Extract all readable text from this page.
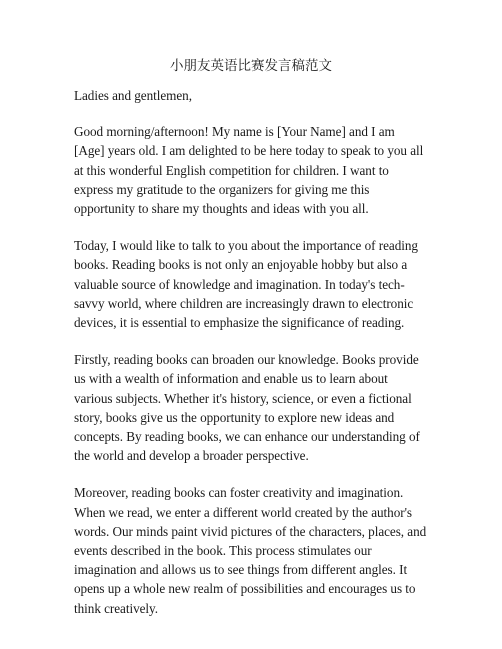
小朋友英语比赛发言稿范文

Ladies and gentlemen,

Good morning/afternoon! My name is [Your Name] and I am [Age] years old. I am delighted to be here today to speak to you all at this wonderful English competition for children. I want to express my gratitude to the organizers for giving me this opportunity to share my thoughts and ideas with you all.

Today, I would like to talk to you about the importance of reading books. Reading books is not only an enjoyable hobby but also a valuable source of knowledge and imagination. In today's tech-savvy world, where children are increasingly drawn to electronic devices, it is essential to emphasize the significance of reading.

Firstly, reading books can broaden our knowledge. Books provide us with a wealth of information and enable us to learn about various subjects. Whether it's history, science, or even a fictional story, books give us the opportunity to explore new ideas and concepts. By reading books, we can enhance our understanding of the world and develop a broader perspective.

Moreover, reading books can foster creativity and imagination. When we read, we enter a different world created by the author's words. Our minds paint vivid pictures of the characters, places, and events described in the book. This process stimulates our imagination and allows us to see things from different angles. It opens up a whole new realm of possibilities and encourages us to think creatively.
